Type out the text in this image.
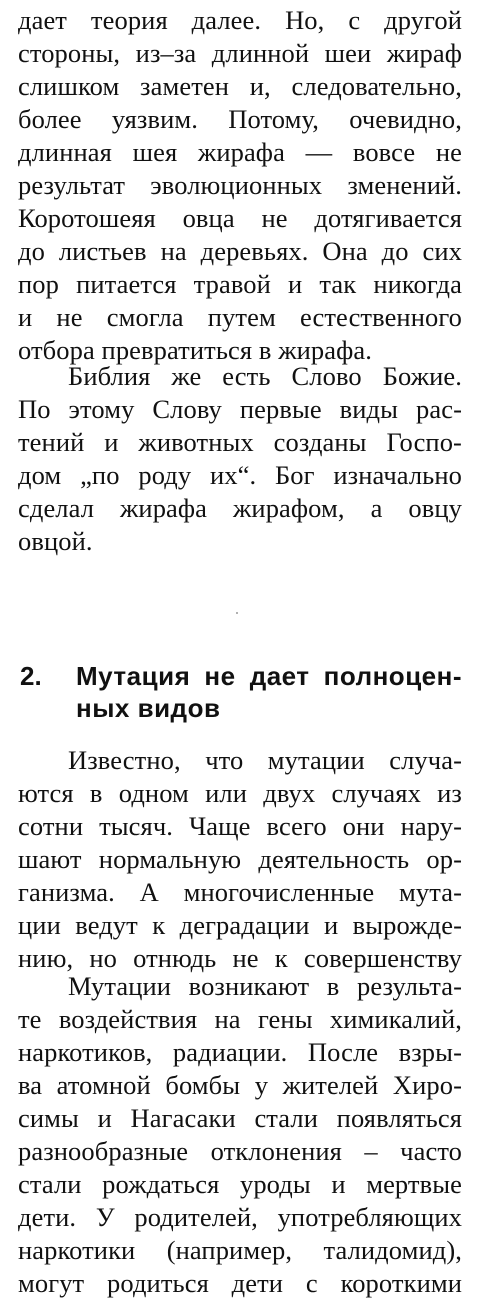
дает теория далее. Но, с другой
стороны, из–за длинной шеи жираф
слишком заметен и, следовательно,
более уязвим. Потому, очевидно,
длинная шея жирафа — вовсе не
результат эволюционных зменений.
Коротошеяя овца не дотягивается
до листьев на деревьях. Она до сих
пор питается травой и так никогда
и не смогла путем естественного
отбора превратиться в жирафа.
Библия же есть Слово Божие.
По этому Слову первые виды рас-
тений и животных созданы Госпо-
дом „по роду их“. Бог изначально
сделал жирафа жирафом, а овцу
овцой.
2. Мутация не дает полноцен-
ных видов
Известно, что мутации случа-
ются в одном или двух случаях из
сотни тысяч. Чаще всего они нару-
шают нормальную деятельность ор-
ганизма. А многочисленные мута-
ции ведут к деградации и вырожде-
нию, но отнюдь не к совершенству
Мутации возникают в результа-
те воздействия на гены химикалий,
наркотиков, радиации. После взры-
ва атомной бомбы у жителей Хиро-
симы и Нагасаки стали появляться
разнообразные отклонения – часто
стали рождаться уроды и мертвые
дети. У родителей, употребляющих
наркотики (например, талидомид),
могут родиться дети с короткими
